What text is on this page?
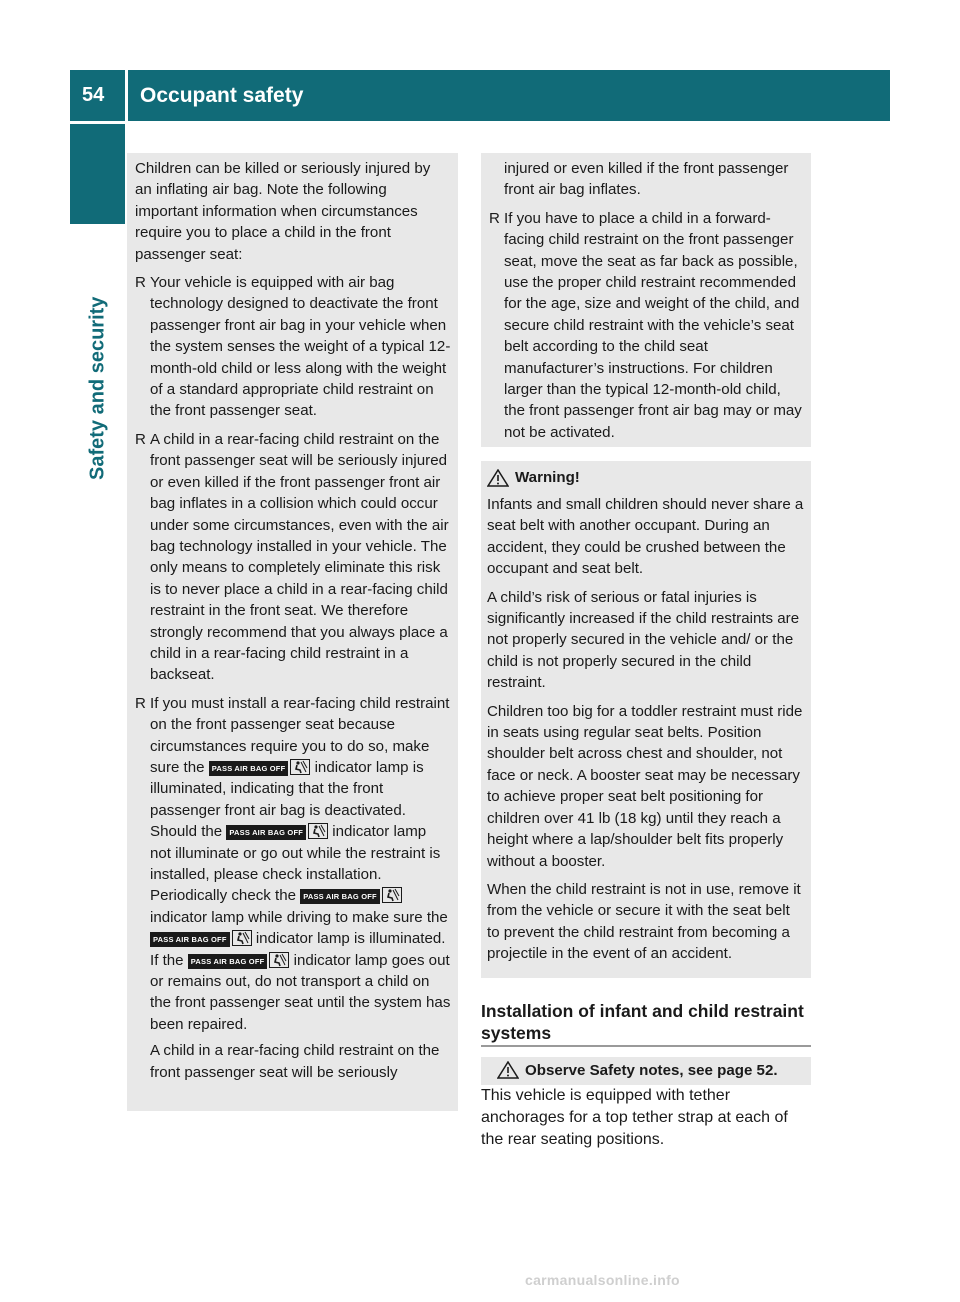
54	Occupant safety
Safety and security

Children can be killed or seriously injured by an inflating air bag. Note the following important information when circumstances require you to place a child in the front passenger seat:

R Your vehicle is equipped with air bag technology designed to deactivate the front passenger front air bag in your vehicle when the system senses the weight of a typical 12-month-old child or less along with the weight of a standard appropriate child restraint on the front passenger seat.

R A child in a rear-facing child restraint on the front passenger seat will be seriously injured or even killed if the front passenger front air bag inflates in a collision which could occur under some circumstances, even with the air bag technology installed in your vehicle. The only means to completely eliminate this risk is to never place a child in a rear-facing child restraint in the front seat. We therefore strongly recommend that you always place a child in a rear-facing child restraint in a backseat.

R If you must install a rear-facing child restraint on the front passenger seat because circumstances require you to do so, make sure the PASS AIR BAG OFF indicator lamp is illuminated, indicating that the front passenger front air bag is deactivated. Should the PASS AIR BAG OFF indicator lamp not illuminate or go out while the restraint is installed, please check installation. Periodically check the PASS AIR BAG OFF
indicator lamp while driving to make sure the PASS AIR BAG OFF indicator lamp is illuminated. If the PASS AIR BAG OFF indicator lamp goes out or remains out, do not transport a child on the front passenger seat until the system has been repaired.

A child in a rear-facing child restraint on the front passenger seat will be seriously

injured or even killed if the front passenger front air bag inflates.

R If you have to place a child in a forward-facing child restraint on the front passenger seat, move the seat as far back as possible, use the proper child restraint recommended for the age, size and weight of the child, and secure child restraint with the vehicle’s seat belt according to the child seat manufacturer’s instructions. For children larger than the typical 12-month-old child, the front passenger front air bag may or may not be activated.

Warning!

Infants and small children should never share a seat belt with another occupant. During an accident, they could be crushed between the occupant and seat belt.

A child’s risk of serious or fatal injuries is significantly increased if the child restraints are not properly secured in the vehicle and/ or the child is not properly secured in the child restraint.

Children too big for a toddler restraint must ride in seats using regular seat belts. Position shoulder belt across chest and shoulder, not face or neck. A booster seat may be necessary to achieve proper seat belt positioning for children over 41 lb (18 kg) until they reach a height where a lap/shoulder belt fits properly without a booster.

When the child restraint is not in use, remove it from the vehicle or secure it with the seat belt to prevent the child restraint from becoming a projectile in the event of an accident.

Installation of infant and child restraint systems
Observe Safety notes, see page 52.

This vehicle is equipped with tether anchorages for a top tether strap at each of the rear seating positions.

carmanualsonline.info
